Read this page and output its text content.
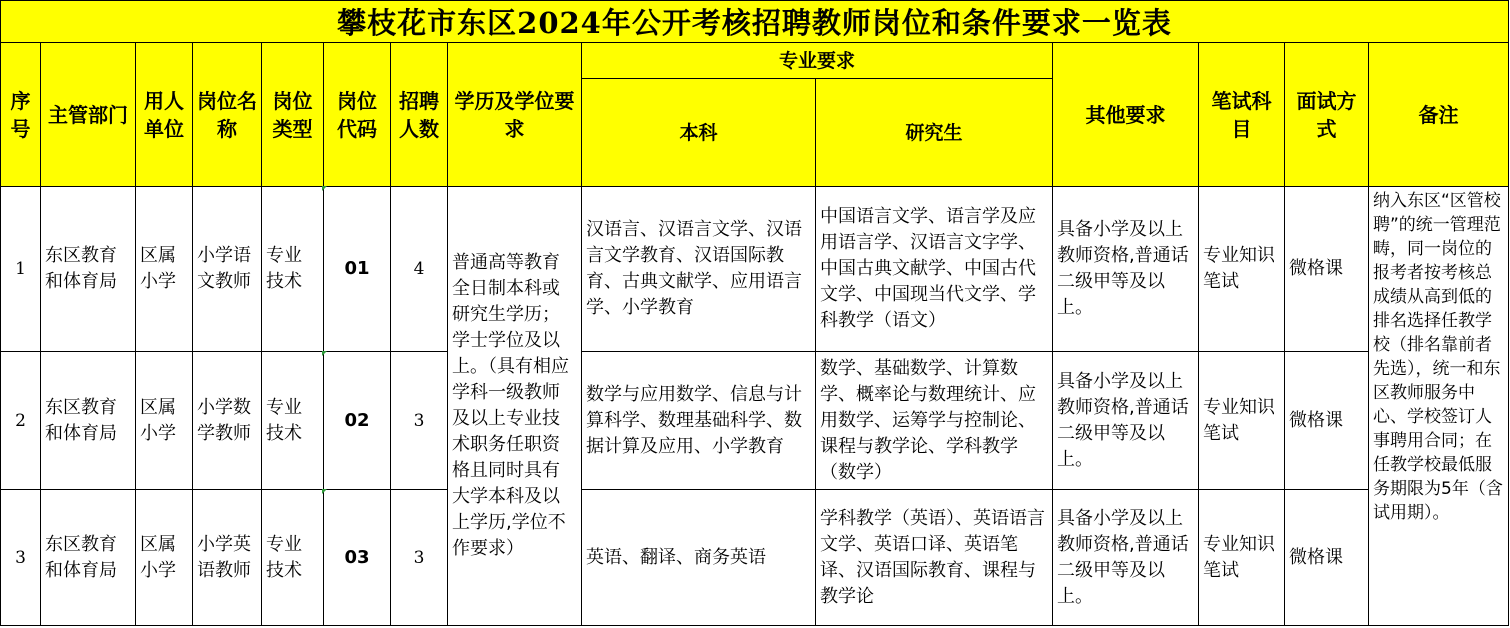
攀枝花市东区2024年公开考核招聘教师岗位和条件要求一览表													
序号	主管部门	用人单位	岗位名称	岗位类型	岗位代码	招聘人数	学历及学位要求	专业要求		其他要求	笔试科目	面试方式	备注
								本科	研究生				
1	东区教育和体育局	区属小学	小学语文教师	专业技术	01	4	普通高等教育全日制本科或研究生学历；学士学位及以上。（具有相应学科一级教师及以上专业技术职务任职资格且同时具有大学本科及以上学历,学位不作要求）	汉语言、汉语言文学、汉语言文学教育、汉语国际教育、古典文献学、应用语言学、小学教育	中国语言文学、语言学及应用语言学、汉语言文字学、中国古典文献学、中国古代文学、中国现当代文学、学科教学（语文）	具备小学及以上教师资格,普通话二级甲等及以上。	专业知识笔试	微格课	纳入东区“区管校聘”的统一管理范畴，同一岗位的报考者按考核总成绩从高到低的排名选择任教学校（排名靠前者先选），统一和东区教师服务中心、学校签订人事聘用合同；在任教学校最低服务期限为5年（含试用期）。
2	东区教育和体育局	区属小学	小学数学教师	专业技术	02	3		数学与应用数学、信息与计算科学、数理基础科学、数据计算及应用、小学教育	数学、基础数学、计算数学、概率论与数理统计、应用数学、运筹学与控制论、课程与教学论、学科教学（数学）	具备小学及以上教师资格,普通话二级甲等及以上。	专业知识笔试	微格课	
3	东区教育和体育局	区属小学	小学英语教师	专业技术	03	3		英语、翻译、商务英语	学科教学（英语）、英语语言文学、英语口译、英语笔译、汉语国际教育、课程与教学论	具备小学及以上教师资格,普通话二级甲等及以上。	专业知识笔试	微格课	
